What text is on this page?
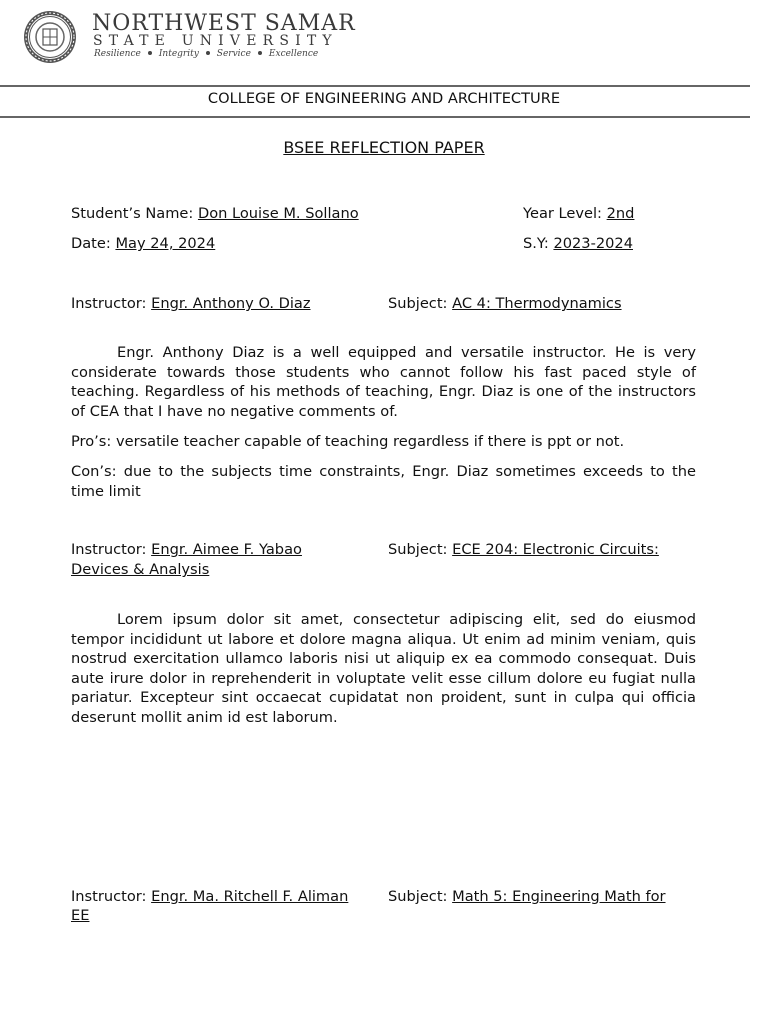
NORTHWEST SAMAR
STATE UNIVERSITY
Resilience Integrity Service Excellence
COLLEGE OF ENGINEERING AND ARCHITECTURE
BSEE REFLECTION PAPER
Student’s Name: Don Louise M. Sollano	Year Level: 2nd
Date: May 24, 2024	S.Y: 2023-2024
Instructor: Engr. Anthony O. Diaz	Subject: AC 4: Thermodynamics
Engr. Anthony Diaz is a well equipped and versatile instructor. He is very considerate towards those students who cannot follow his fast paced style of teaching. Regardless of his methods of teaching, Engr. Diaz is one of the instructors of CEA that I have no negative comments of.
Pro’s: versatile teacher capable of teaching regardless if there is ppt or not.
Con’s: due to the subjects time constraints, Engr. Diaz sometimes exceeds to the time limit
Instructor: Engr. Aimee F. Yabao	Subject: ECE 204: Electronic Circuits:
Devices & Analysis
Lorem ipsum dolor sit amet, consectetur adipiscing elit, sed do eiusmod tempor incididunt ut labore et dolore magna aliqua. Ut enim ad minim veniam, quis nostrud exercitation ullamco laboris nisi ut aliquip ex ea commodo consequat. Duis aute irure dolor in reprehenderit in voluptate velit esse cillum dolore eu fugiat nulla pariatur. Excepteur sint occaecat cupidatat non proident, sunt in culpa qui officia deserunt mollit anim id est laborum.
Instructor: Engr. Ma. Ritchell F. Aliman	Subject: Math 5: Engineering Math for
EE
